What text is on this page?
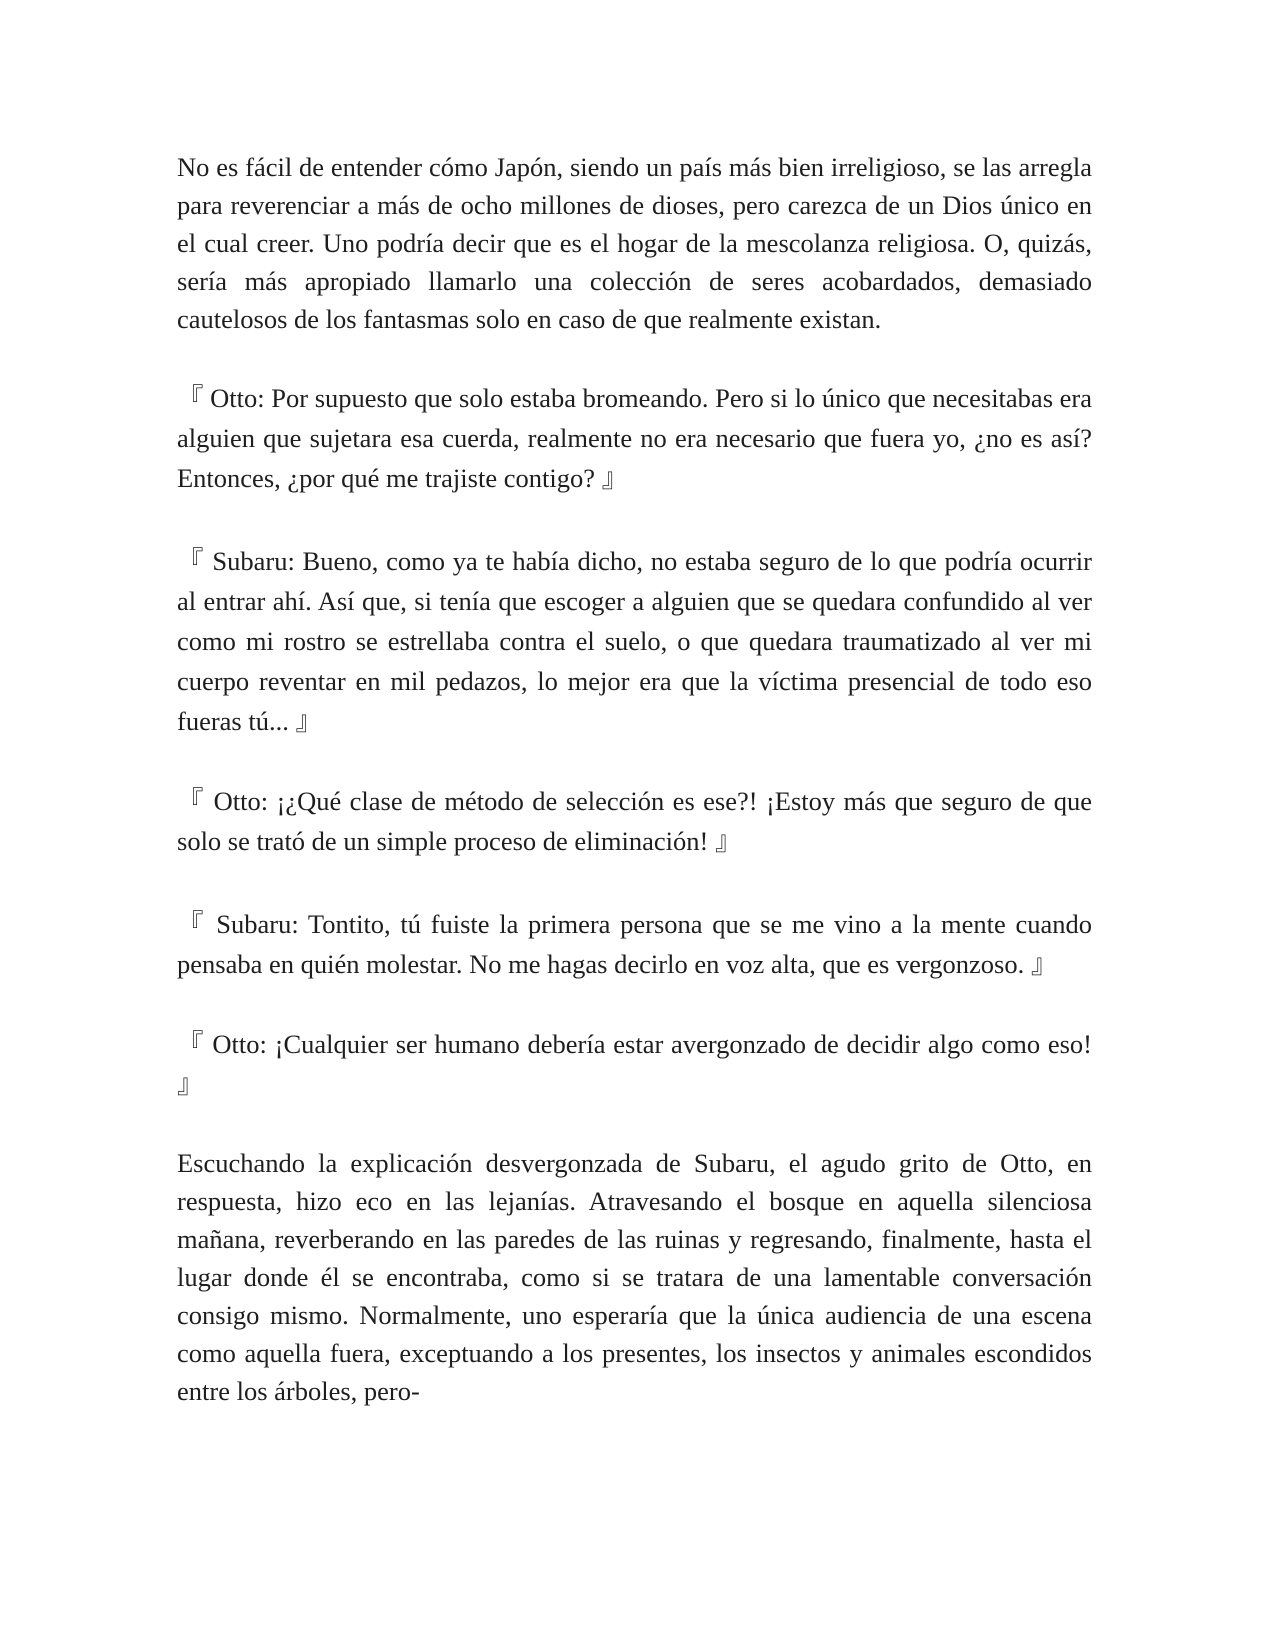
No es fácil de entender cómo Japón, siendo un país más bien irreligioso, se las arregla para reverenciar a más de ocho millones de dioses, pero carezca de un Dios único en el cual creer. Uno podría decir que es el hogar de la mescolanza religiosa. O, quizás, sería más apropiado llamarlo una colección de seres acobardados, demasiado cautelosos de los fantasmas solo en caso de que realmente existan.

『 Otto: Por supuesto que solo estaba bromeando. Pero si lo único que necesitabas era alguien que sujetara esa cuerda, realmente no era necesario que fuera yo, ¿no es así? Entonces, ¿por qué me trajiste contigo? 』

『 Subaru: Bueno, como ya te había dicho, no estaba seguro de lo que podría ocurrir al entrar ahí. Así que, si tenía que escoger a alguien que se quedara confundido al ver como mi rostro se estrellaba contra el suelo, o que quedara traumatizado al ver mi cuerpo reventar en mil pedazos, lo mejor era que la víctima presencial de todo eso fueras tú... 』

『 Otto: ¡¿Qué clase de método de selección es ese?! ¡Estoy más que seguro de que solo se trató de un simple proceso de eliminación! 』

『 Subaru: Tontito, tú fuiste la primera persona que se me vino a la mente cuando pensaba en quién molestar. No me hagas decirlo en voz alta, que es vergonzoso. 』

『 Otto: ¡Cualquier ser humano debería estar avergonzado de decidir algo como eso! 』

Escuchando la explicación desvergonzada de Subaru, el agudo grito de Otto, en respuesta, hizo eco en las lejanías. Atravesando el bosque en aquella silenciosa mañana, reverberando en las paredes de las ruinas y regresando, finalmente, hasta el lugar donde él se encontraba, como si se tratara de una lamentable conversación consigo mismo. Normalmente, uno esperaría que la única audiencia de una escena como aquella fuera, exceptuando a los presentes, los insectos y animales escondidos entre los árboles, pero-
